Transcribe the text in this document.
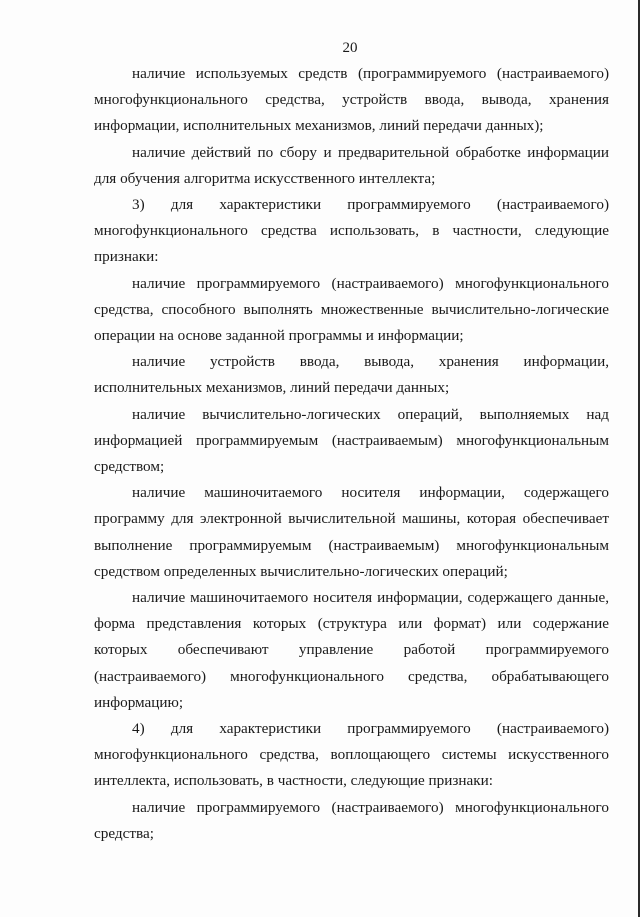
20

наличие используемых средств (программируемого (настраиваемого) многофункционального средства, устройств ввода, вывода, хранения информации, исполнительных механизмов, линий передачи данных);

наличие действий по сбору и предварительной обработке информации для обучения алгоритма искусственного интеллекта;

3) для характеристики программируемого (настраиваемого) многофункционального средства использовать, в частности, следующие признаки:

наличие программируемого (настраиваемого) многофункционального средства, способного выполнять множественные вычислительно-логические операции на основе заданной программы и информации;

наличие устройств ввода, вывода, хранения информации, исполнительных механизмов, линий передачи данных;

наличие вычислительно-логических операций, выполняемых над информацией программируемым (настраиваемым) многофункциональным средством;

наличие машиночитаемого носителя информации, содержащего программу для электронной вычислительной машины, которая обеспечивает выполнение программируемым (настраиваемым) многофункциональным средством определенных вычислительно-логических операций;

наличие машиночитаемого носителя информации, содержащего данные, форма представления которых (структура или формат) или содержание которых обеспечивают управление работой программируемого (настраиваемого) многофункционального средства, обрабатывающего информацию;

4) для характеристики программируемого (настраиваемого) многофункционального средства, воплощающего системы искусственного интеллекта, использовать, в частности, следующие признаки:

наличие программируемого (настраиваемого) многофункционального средства;
